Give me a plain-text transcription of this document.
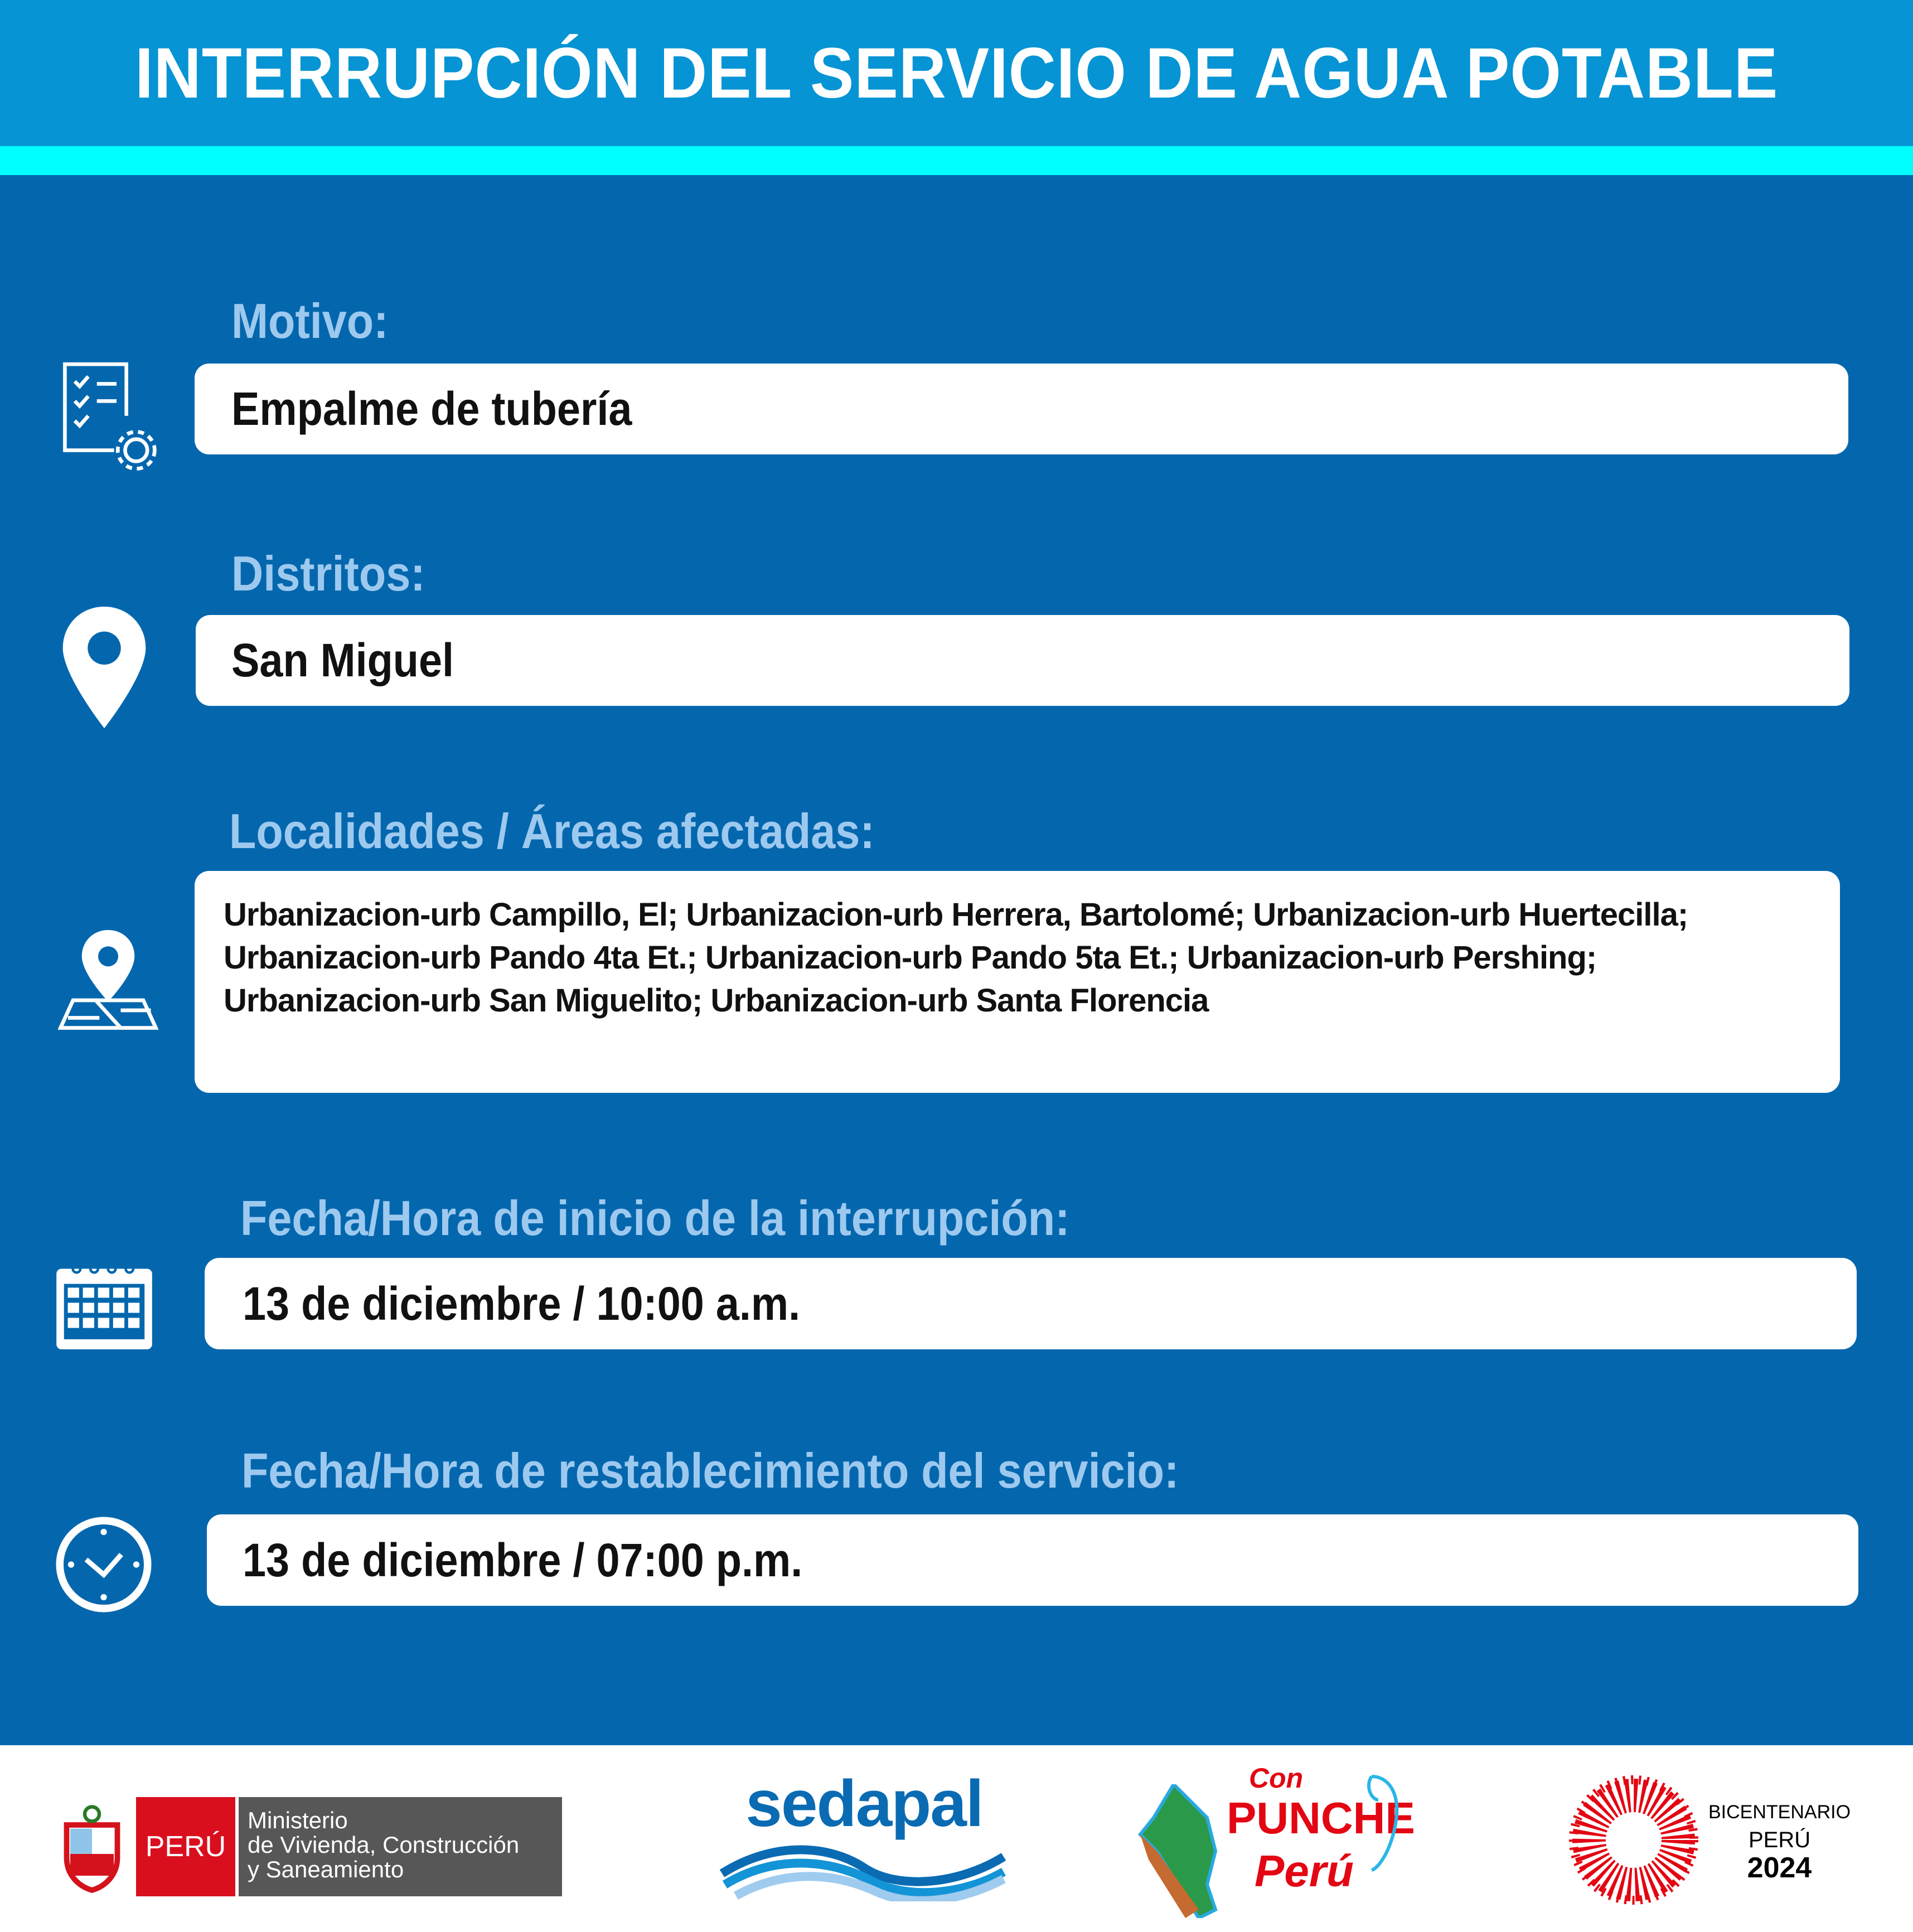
INTERRUPCIÓN DEL SERVICIO DE AGUA POTABLE
Motivo:
Empalme de tubería
Distritos:
San Miguel
Localidades / Áreas afectadas:
Urbanizacion-urb Campillo, El; Urbanizacion-urb Herrera, Bartolomé; Urbanizacion-urb Huertecilla; Urbanizacion-urb Pando 4ta Et.; Urbanizacion-urb Pando 5ta Et.; Urbanizacion-urb Pershing; Urbanizacion-urb San Miguelito; Urbanizacion-urb Santa Florencia
Fecha/Hora de inicio de la interrupción:
13 de diciembre / 10:00 a.m.
Fecha/Hora de restablecimiento del servicio:
13 de diciembre / 07:00 p.m.
PERÚ
Ministerio
de Vivienda, Construcción
y Saneamiento
sedapal	Con
PUNCHE
Perú
BICENTENARIO
PERÚ
2024
